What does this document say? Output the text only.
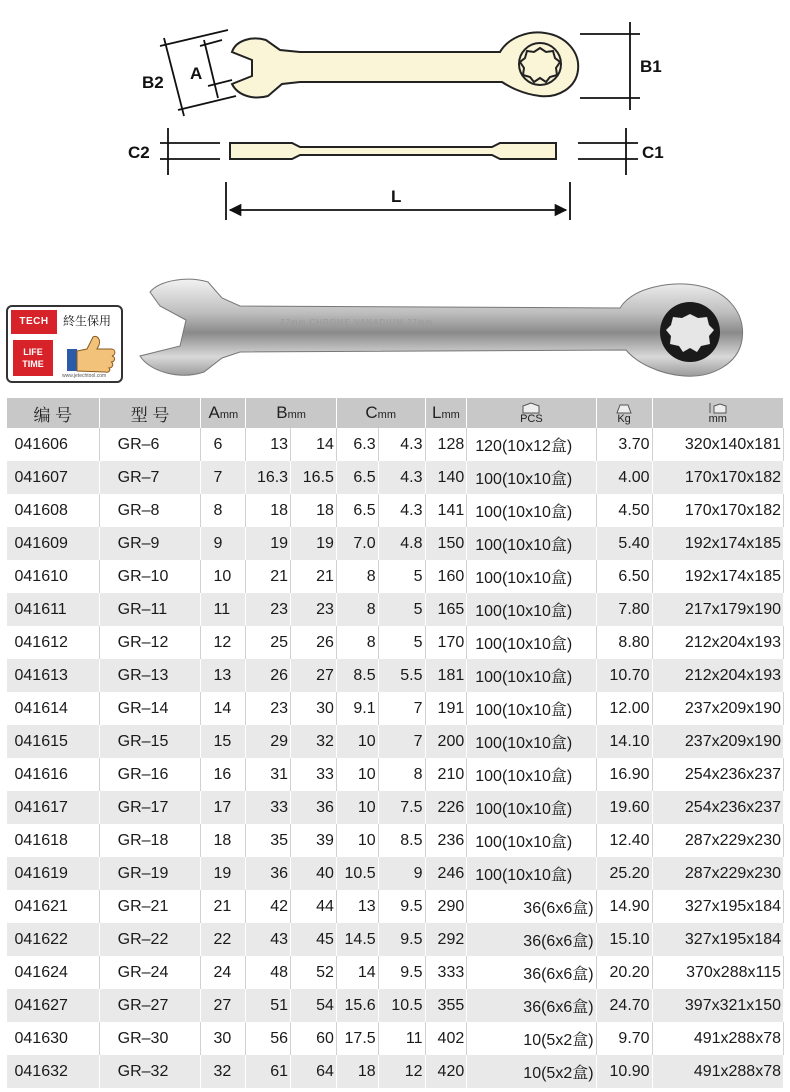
B2 A	B1
C2	C1
L
27mm CHROME VANADIUM 27mm
TECH	終生保用
LIFE
TIME
www.jetechtool.com
编 号	型 号	Amm	Bmm		Cmm		Lmm	PCS	Kg	mm

041606	GR–6	6	13	14	6.3	4.3	128	120(10x12盒)	3.70	320x140x181
041607	GR–7	7	16.3	16.5	6.5	4.3	140	100(10x10盒)	4.00	170x170x182
041608	GR–8	8	18	18	6.5	4.3	141	100(10x10盒)	4.50	170x170x182
041609	GR–9	9	19	19	7.0	4.8	150	100(10x10盒)	5.40	192x174x185
041610	GR–10	10	21	21	8	5	160	100(10x10盒)	6.50	192x174x185
041611	GR–11	11	23	23	8	5	165	100(10x10盒)	7.80	217x179x190
041612	GR–12	12	25	26	8	5	170	100(10x10盒)	8.80	212x204x193
041613	GR–13	13	26	27	8.5	5.5	181	100(10x10盒)	10.70	212x204x193
041614	GR–14	14	23	30	9.1	7	191	100(10x10盒)	12.00	237x209x190
041615	GR–15	15	29	32	10	7	200	100(10x10盒)	14.10	237x209x190
041616	GR–16	16	31	33	10	8	210	100(10x10盒)	16.90	254x236x237
041617	GR–17	17	33	36	10	7.5	226	100(10x10盒)	19.60	254x236x237
041618	GR–18	18	35	39	10	8.5	236	100(10x10盒)	12.40	287x229x230
041619	GR–19	19	36	40	10.5	9	246	100(10x10盒)	25.20	287x229x230
041621	GR–21	21	42	44	13	9.5	290	36(6x6盒)	14.90	327x195x184
041622	GR–22	22	43	45	14.5	9.5	292	36(6x6盒)	15.10	327x195x184
041624	GR–24	24	48	52	14	9.5	333	36(6x6盒)	20.20	370x288x115
041627	GR–27	27	51	54	15.6	10.5	355	36(6x6盒)	24.70	397x321x150
041630	GR–30	30	56	60	17.5	11	402	10(5x2盒)	9.70	491x288x78
041632	GR–32	32	61	64	18	12	420	10(5x2盒)	10.90	491x288x78
